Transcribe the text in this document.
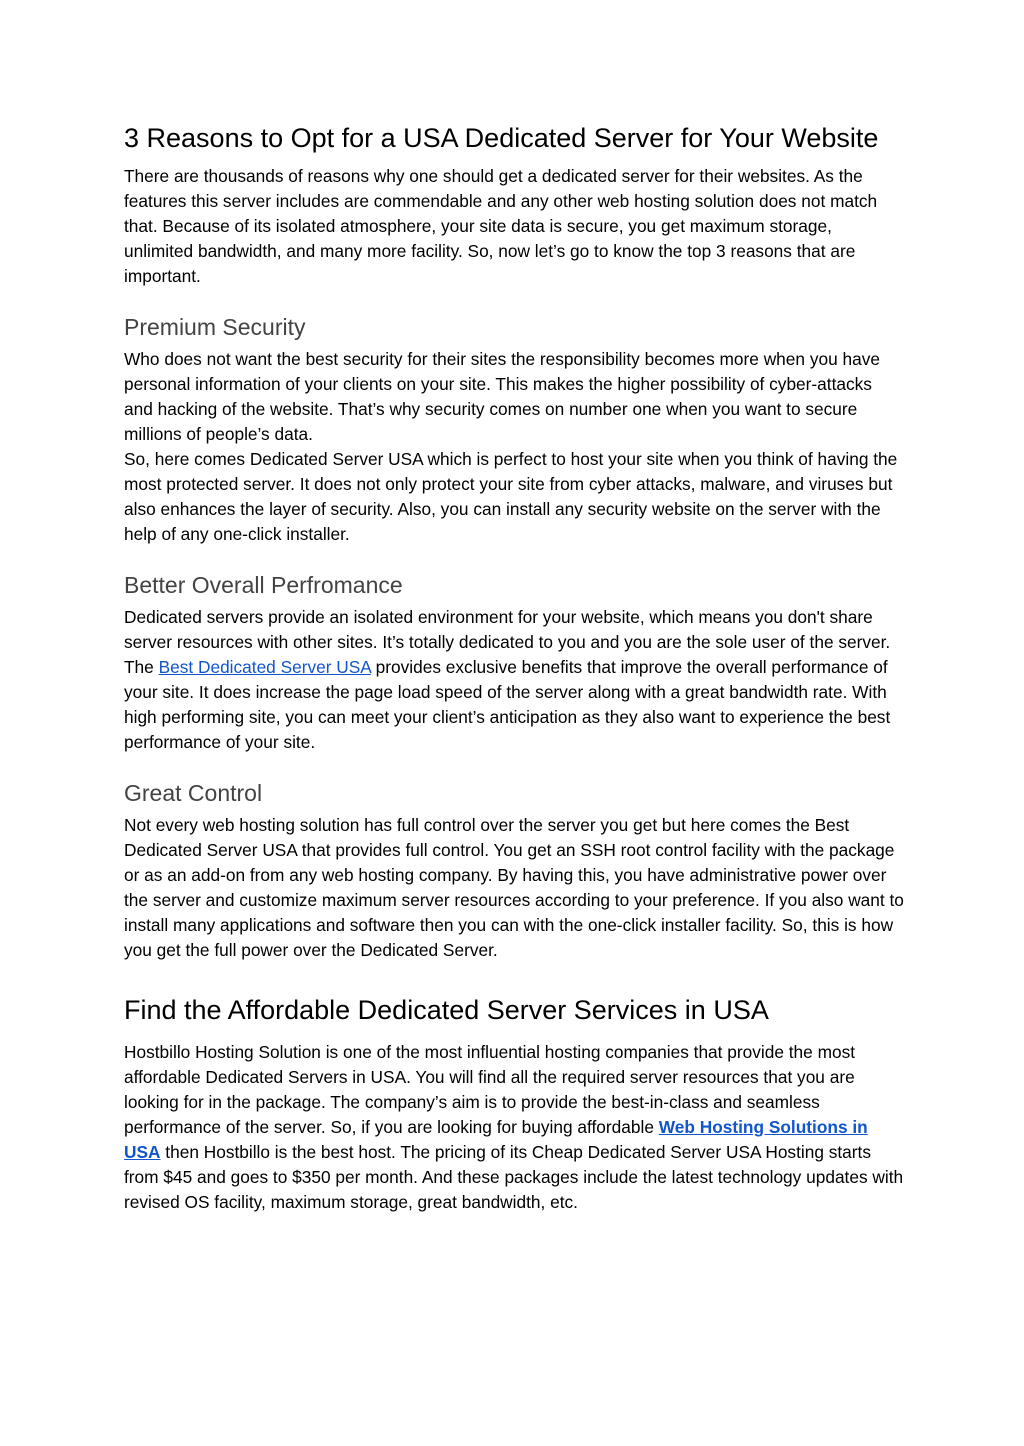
3 Reasons to Opt for a USA Dedicated Server for Your Website

There are thousands of reasons why one should get a dedicated server for their websites. As the features this server includes are commendable and any other web hosting solution does not match that. Because of its isolated atmosphere, your site data is secure, you get maximum storage, unlimited bandwidth, and many more facility. So, now let’s go to know the top 3 reasons that are important.

Premium Security

Who does not want the best security for their sites the responsibility becomes more when you have personal information of your clients on your site. This makes the higher possibility of cyber-attacks and hacking of the website. That’s why security comes on number one when you want to secure millions of people’s data.

So, here comes Dedicated Server USA which is perfect to host your site when you think of having the most protected server. It does not only protect your site from cyber attacks, malware, and viruses but also enhances the layer of security. Also, you can install any security website on the server with the help of any one-click installer.

Better Overall Perfromance

Dedicated servers provide an isolated environment for your website, which means you don't share server resources with other sites. It’s totally dedicated to you and you are the sole user of the server. The Best Dedicated Server USA provides exclusive benefits that improve the overall performance of your site. It does increase the page load speed of the server along with a great bandwidth rate. With high performing site, you can meet your client’s anticipation as they also want to experience the best performance of your site.

Great Control

Not every web hosting solution has full control over the server you get but here comes the Best Dedicated Server USA that provides full control. You get an SSH root control facility with the package or as an add-on from any web hosting company. By having this, you have administrative power over the server and customize maximum server resources according to your preference. If you also want to install many applications and software then you can with the one-click installer facility. So, this is how you get the full power over the Dedicated Server.

Find the Affordable Dedicated Server Services in USA

Hostbillo Hosting Solution is one of the most influential hosting companies that provide the most affordable Dedicated Servers in USA. You will find all the required server resources that you are looking for in the package. The company’s aim is to provide the best-in-class and seamless performance of the server. So, if you are looking for buying affordable Web Hosting Solutions in USA then Hostbillo is the best host. The pricing of its Cheap Dedicated Server USA Hosting starts from $45 and goes to $350 per month. And these packages include the latest technology updates with revised OS facility, maximum storage, great bandwidth, etc.
